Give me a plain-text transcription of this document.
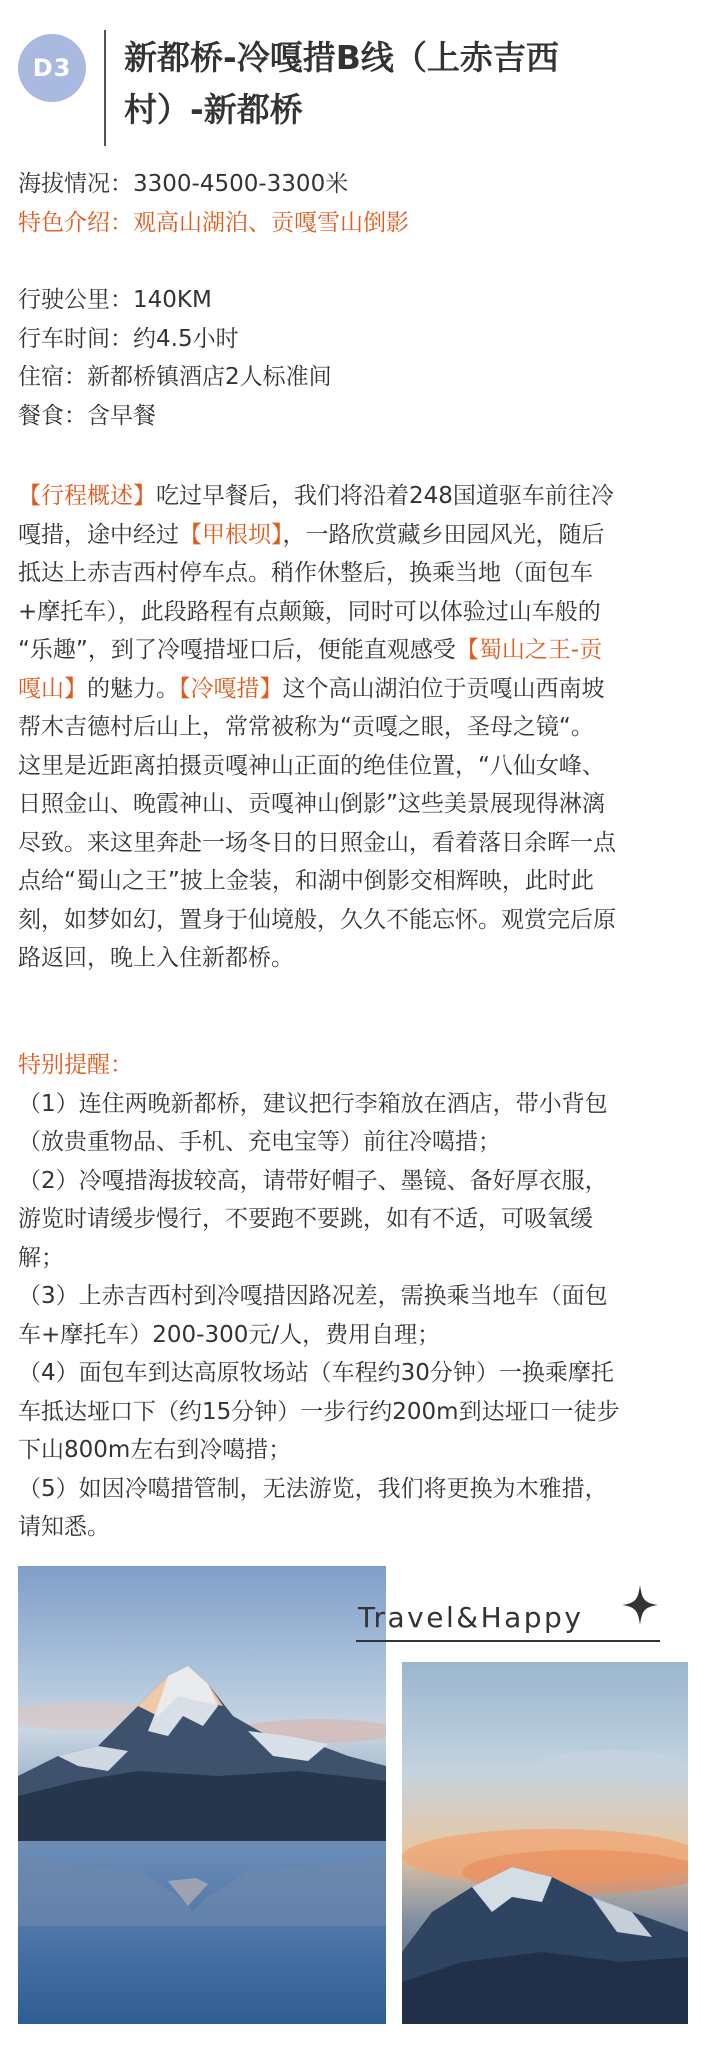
D3	新都桥-冷嘎措B线（上赤吉西
村）-新都桥
海拔情况：3300-4500-3300米
特色介绍：观高山湖泊、贡嘎雪山倒影
行驶公里：140KM
行车时间：约4.5小时
住宿：新都桥镇酒店2人标准间
餐食：含早餐
【行程概述】吃过早餐后，我们将沿着248国道驱车前往冷
嘎措，途中经过【甲根坝】，一路欣赏藏乡田园风光，随后
抵达上赤吉西村停车点。稍作休整后，换乘当地（面包车
+摩托车），此段路程有点颠簸，同时可以体验过山车般的
“乐趣”，到了冷嘎措垭口后，便能直观感受【蜀山之王-贡
嘎山】的魅力。【冷嘎措】这个高山湖泊位于贡嘎山西南坡
帮木吉德村后山上，常常被称为“贡嘎之眼，圣母之镜“。
这里是近距离拍摄贡嘎神山正面的绝佳位置，“八仙女峰、
日照金山、晚霞神山、贡嘎神山倒影”这些美景展现得淋漓
尽致。来这里奔赴一场冬日的日照金山，看着落日余晖一点
点给“蜀山之王”披上金装，和湖中倒影交相辉映，此时此
刻，如梦如幻，置身于仙境般，久久不能忘怀。观赏完后原
路返回，晚上入住新都桥。
特别提醒：
（1）连住两晚新都桥，建议把行李箱放在酒店，带小背包
（放贵重物品、手机、充电宝等）前往冷噶措；
（2）冷嘎措海拔较高，请带好帽子、墨镜、备好厚衣服，
游览时请缓步慢行，不要跑不要跳，如有不适，可吸氧缓
解；
（3）上赤吉西村到冷嘎措因路况差，需换乘当地车（面包
车+摩托车）200-300元/人，费用自理；
（4）面包车到达高原牧场站（车程约30分钟）一换乘摩托
车抵达垭口下（约15分钟）一步行约200m到达垭口一徒步
下山800m左右到冷噶措；
（5）如因冷噶措管制，无法游览，我们将更换为木雅措，
请知悉。
Travel&Happy
